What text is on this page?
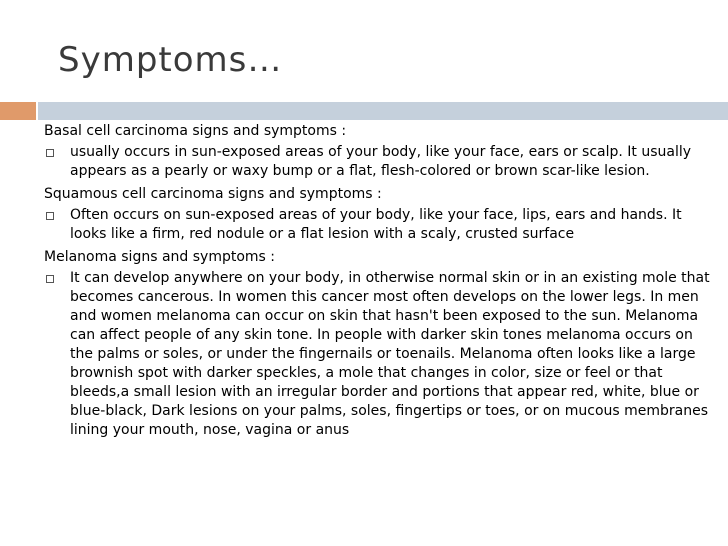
Symptoms…

Basal cell carcinoma signs and symptoms :

usually occurs in sun-exposed areas of your body, like your face, ears or scalp. It usually appears as a pearly or waxy bump or a flat, flesh-colored or brown scar-like lesion.

Squamous cell carcinoma signs and symptoms :

Often occurs on sun-exposed areas of your body, like your face, lips, ears and hands. It looks like a firm, red nodule or a flat lesion with a scaly, crusted surface

Melanoma signs and symptoms :

It can develop anywhere on your body, in otherwise normal skin or in an existing mole that becomes cancerous. In women this cancer most often develops on the lower legs. In men and women melanoma can occur on skin that hasn't been exposed to the sun. Melanoma can affect people of any skin tone. In people with darker skin tones melanoma occurs on the palms or soles, or under the fingernails or toenails. Melanoma often looks like a large brownish spot with darker speckles, a mole that changes in color, size or feel or that bleeds,a small lesion with an irregular border and portions that appear red, white, blue or blue-black, Dark lesions on your palms, soles, fingertips or toes, or on mucous membranes lining your mouth, nose, vagina or anus
